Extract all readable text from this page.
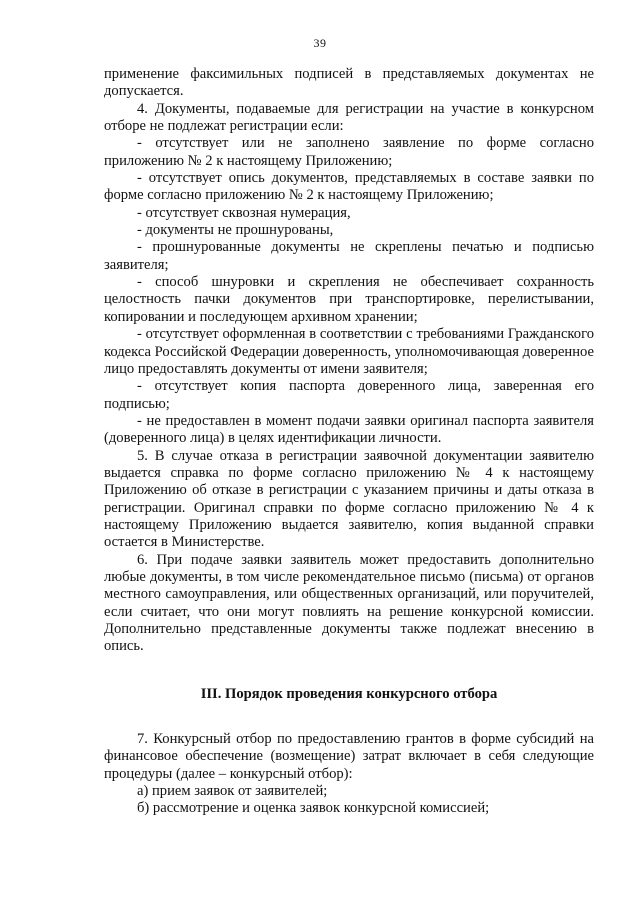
39

применение факсимильных подписей в представляемых документах не допускается.

4. Документы, подаваемые для регистрации на участие в конкурсном отборе не подлежат регистрации если:

- отсутствует или не заполнено заявление по форме согласно приложению № 2 к настоящему Приложению;

- отсутствует опись документов, представляемых в составе заявки по форме согласно приложению № 2 к настоящему Приложению;

- отсутствует сквозная нумерация,

- документы не прошнурованы,

- прошнурованные документы не скреплены печатью и подписью заявителя;

- способ шнуровки и скрепления не обеспечивает сохранность целостность пачки документов при транспортировке, перелистывании, копировании и последующем архивном хранении;

- отсутствует оформленная в соответствии с требованиями Гражданского кодекса Российской Федерации доверенность, уполномочивающая доверенное лицо предоставлять документы от имени заявителя;

- отсутствует копия паспорта доверенного лица, заверенная его подписью;

- не предоставлен в момент подачи заявки оригинал паспорта заявителя (доверенного лица) в целях идентификации личности.

5. В случае отказа в регистрации заявочной документации заявителю выдается справка по форме согласно приложению № 4 к настоящему Приложению об отказе в регистрации с указанием причины и даты отказа в регистрации. Оригинал справки по форме согласно приложению № 4 к настоящему Приложению выдается заявителю, копия выданной справки остается в Министерстве.

6. При подаче заявки заявитель может предоставить дополнительно любые документы, в том числе рекомендательное письмо (письма) от органов местного самоуправления, или общественных организаций, или поручителей, если считает, что они могут повлиять на решение конкурсной комиссии. Дополнительно представленные документы также подлежат внесению в опись.

III. Порядок проведения конкурсного отбора

7. Конкурсный отбор по предоставлению грантов в форме субсидий на финансовое обеспечение (возмещение) затрат включает в себя следующие процедуры (далее – конкурсный отбор):

а) прием заявок от заявителей;

б) рассмотрение и оценка заявок конкурсной комиссией;
